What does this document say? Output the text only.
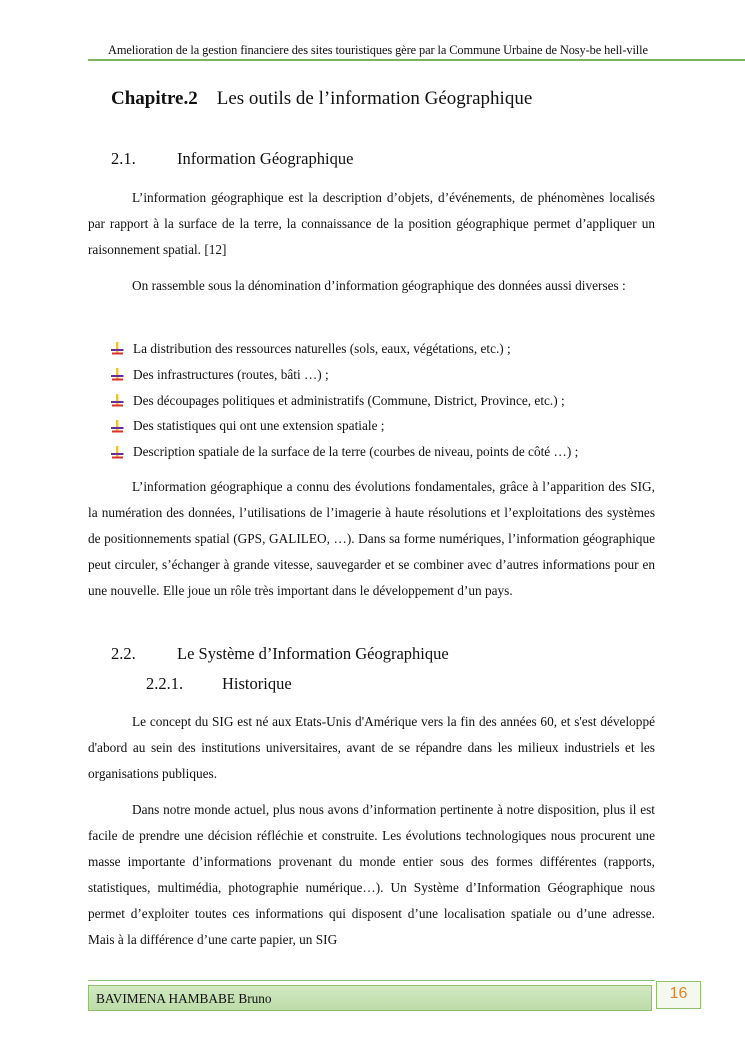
Amelioration de la gestion financiere des sites touristiques gère par la Commune Urbaine de Nosy-be hell-ville
Chapitre.2 Les outils de l’information Géographique
2.1.	Information Géographique

L’information géographique est la description d’objets, d’événements, de phénomènes localisés par rapport à la surface de la terre, la connaissance de la position géographique permet d’appliquer un raisonnement spatial. [12]

On rassemble sous la dénomination d’information géographique des données aussi diverses :

La distribution des ressources naturelles (sols, eaux, végétations, etc.) ;
Des infrastructures (routes, bâti …) ;
Des découpages politiques et administratifs (Commune, District, Province, etc.) ;
Des statistiques qui ont une extension spatiale ;
Description spatiale de la surface de la terre (courbes de niveau, points de côté …) ;

L’information géographique a connu des évolutions fondamentales, grâce à l’apparition des SIG, la numération des données, l’utilisations de l’imagerie à haute résolutions et l’exploitations des systèmes de positionnements spatial (GPS, GALILEO, …). Dans sa forme numériques, l’information géographique peut circuler, s’échanger à grande vitesse, sauvegarder et se combiner avec d’autres informations pour en une nouvelle. Elle joue un rôle très important dans le développement d’un pays.

2.2.	Le Système d’Information Géographique
2.2.1. Historique

Le concept du SIG est né aux Etats-Unis d'Amérique vers la fin des années 60, et s'est développé d'abord au sein des institutions universitaires, avant de se répandre dans les milieux industriels et les organisations publiques.

Dans notre monde actuel, plus nous avons d’information pertinente à notre disposition, plus il est facile de prendre une décision réfléchie et construite. Les évolutions technologiques nous procurent une masse importante d’informations provenant du monde entier sous des formes différentes (rapports, statistiques, multimédia, photographie numérique…). Un Système d’Information Géographique nous permet d’exploiter toutes ces informations qui disposent d’une localisation spatiale ou d’une adresse. Mais à la différence d’une carte papier, un SIG

BAVIMENA HAMBABE Bruno	16
